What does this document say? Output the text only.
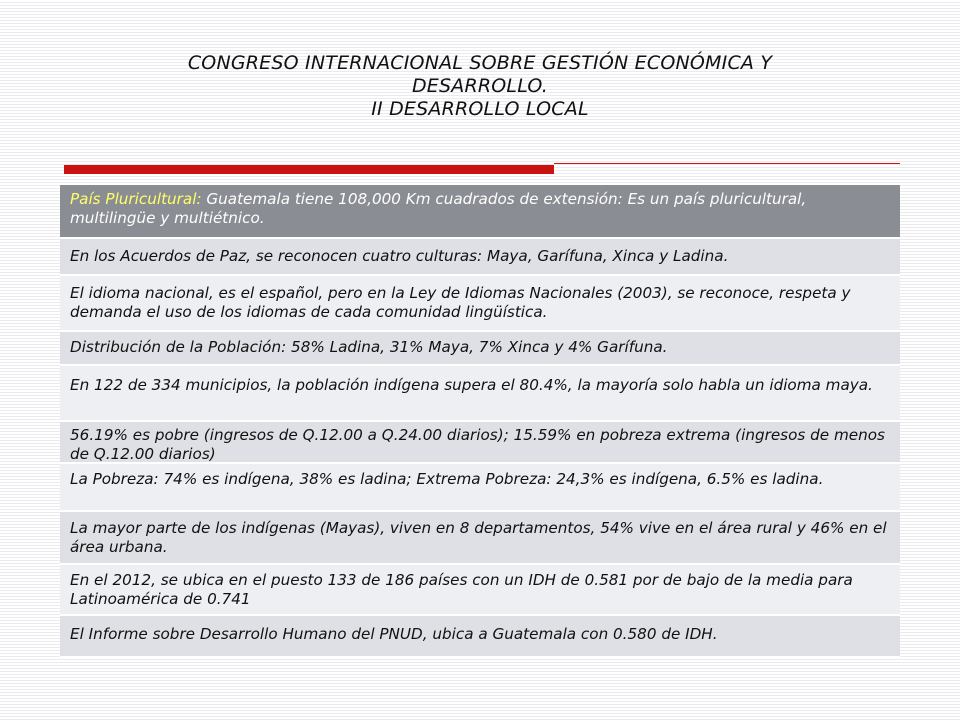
CONGRESO INTERNACIONAL SOBRE GESTIÓN ECONÓMICA Y
DESARROLLO.
II DESARROLLO LOCAL
País Pluricultural: Guatemala tiene 108,000 Km cuadrados de extensión: Es un país pluricultural, multilingüe y multiétnico.
En los Acuerdos de Paz, se reconocen cuatro culturas: Maya, Garífuna, Xinca y Ladina.
El idioma nacional, es el español, pero en la Ley de Idiomas Nacionales (2003), se reconoce, respeta y demanda el uso de los idiomas de cada comunidad lingüística.
Distribución de la Población: 58% Ladina, 31% Maya, 7% Xinca y 4% Garífuna.
En 122 de 334 municipios, la población indígena supera el 80.4%, la mayoría solo habla un idioma maya.
56.19% es pobre (ingresos de Q.12.00 a Q.24.00 diarios); 15.59% en pobreza extrema (ingresos de menos de Q.12.00 diarios)
La Pobreza: 74% es indígena, 38% es ladina; Extrema Pobreza: 24,3% es indígena, 6.5% es ladina.
La mayor parte de los indígenas (Mayas), viven en 8 departamentos, 54% vive en el área rural y 46% en el área urbana.
En el 2012, se ubica en el puesto 133 de 186 países con un IDH de 0.581 por de bajo de la media para Latinoamérica de 0.741
El Informe sobre Desarrollo Humano del PNUD, ubica a Guatemala con 0.580 de IDH.
